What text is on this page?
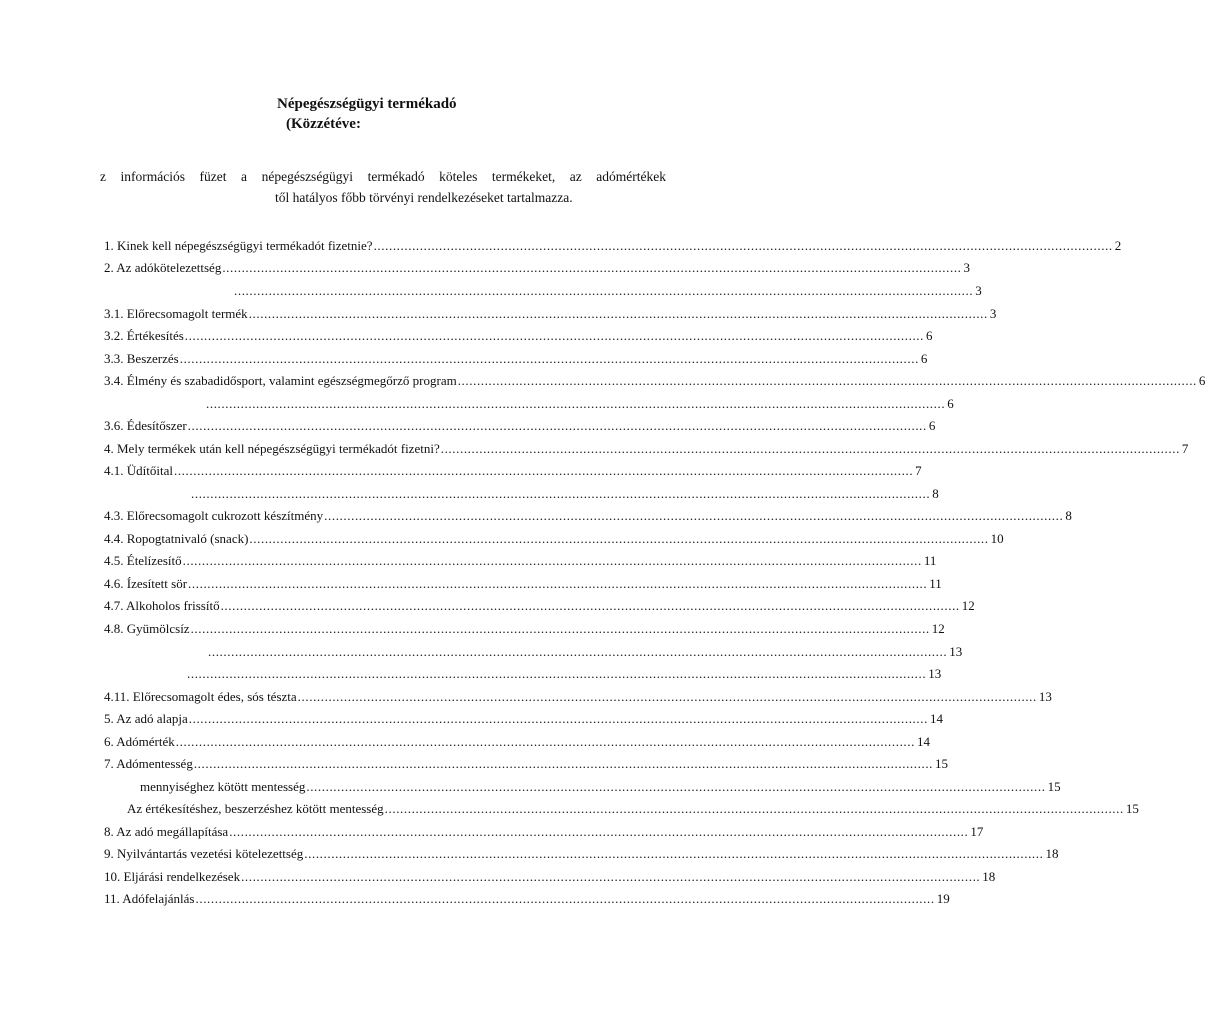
Népegészségügyi termékadó
(Közzétéve:
z információs füzet a népegészségügyi termékadó köteles termékeket, az adómértékek
től hatályos főbb törvényi rendelkezéseket tartalmazza.
1. Kinek kell népegészségügyi termékadót fizetnie? ................................................................................................................................................................................................ 2
2. Az adókötelezettség ................................................................................................................................................................................................ 3
................................................................................................................................................................................................ 3
3.1. Előrecsomagolt termék ................................................................................................................................................................................................ 3
3.2. Értékesítés ................................................................................................................................................................................................ 6
3.3. Beszerzés ................................................................................................................................................................................................ 6
3.4. Élmény és szabadidősport, valamint egészségmegőrző program ................................................................................................................................................................................................ 6
................................................................................................................................................................................................ 6
3.6. Édesítőszer ................................................................................................................................................................................................ 6
4. Mely termékek után kell népegészségügyi termékadót fizetni? ................................................................................................................................................................................................ 7
4.1. Üdítőital ................................................................................................................................................................................................ 7
................................................................................................................................................................................................ 8
4.3. Előrecsomagolt cukrozott készítmény ................................................................................................................................................................................................ 8
4.4. Ropogtatnivaló (snack) ................................................................................................................................................................................................ 10
4.5. Ételízesítő ................................................................................................................................................................................................ 11
4.6. Ízesített sör ................................................................................................................................................................................................ 11
4.7. Alkoholos frissítő ................................................................................................................................................................................................ 12
4.8. Gyümölcsíz ................................................................................................................................................................................................ 12
................................................................................................................................................................................................ 13
................................................................................................................................................................................................ 13
4.11. Előrecsomagolt édes, sós tészta ................................................................................................................................................................................................ 13
5. Az adó alapja ................................................................................................................................................................................................ 14
6. Adómérték ................................................................................................................................................................................................ 14
7. Adómentesség ................................................................................................................................................................................................ 15
mennyiséghez kötött mentesség ................................................................................................................................................................................................ 15
Az értékesítéshez, beszerzéshez kötött mentesség ................................................................................................................................................................................................ 15
8. Az adó megállapítása ................................................................................................................................................................................................ 17
9. Nyilvántartás vezetési kötelezettség ................................................................................................................................................................................................ 18
10. Eljárási rendelkezések ................................................................................................................................................................................................ 18
11. Adófelajánlás ................................................................................................................................................................................................ 19
